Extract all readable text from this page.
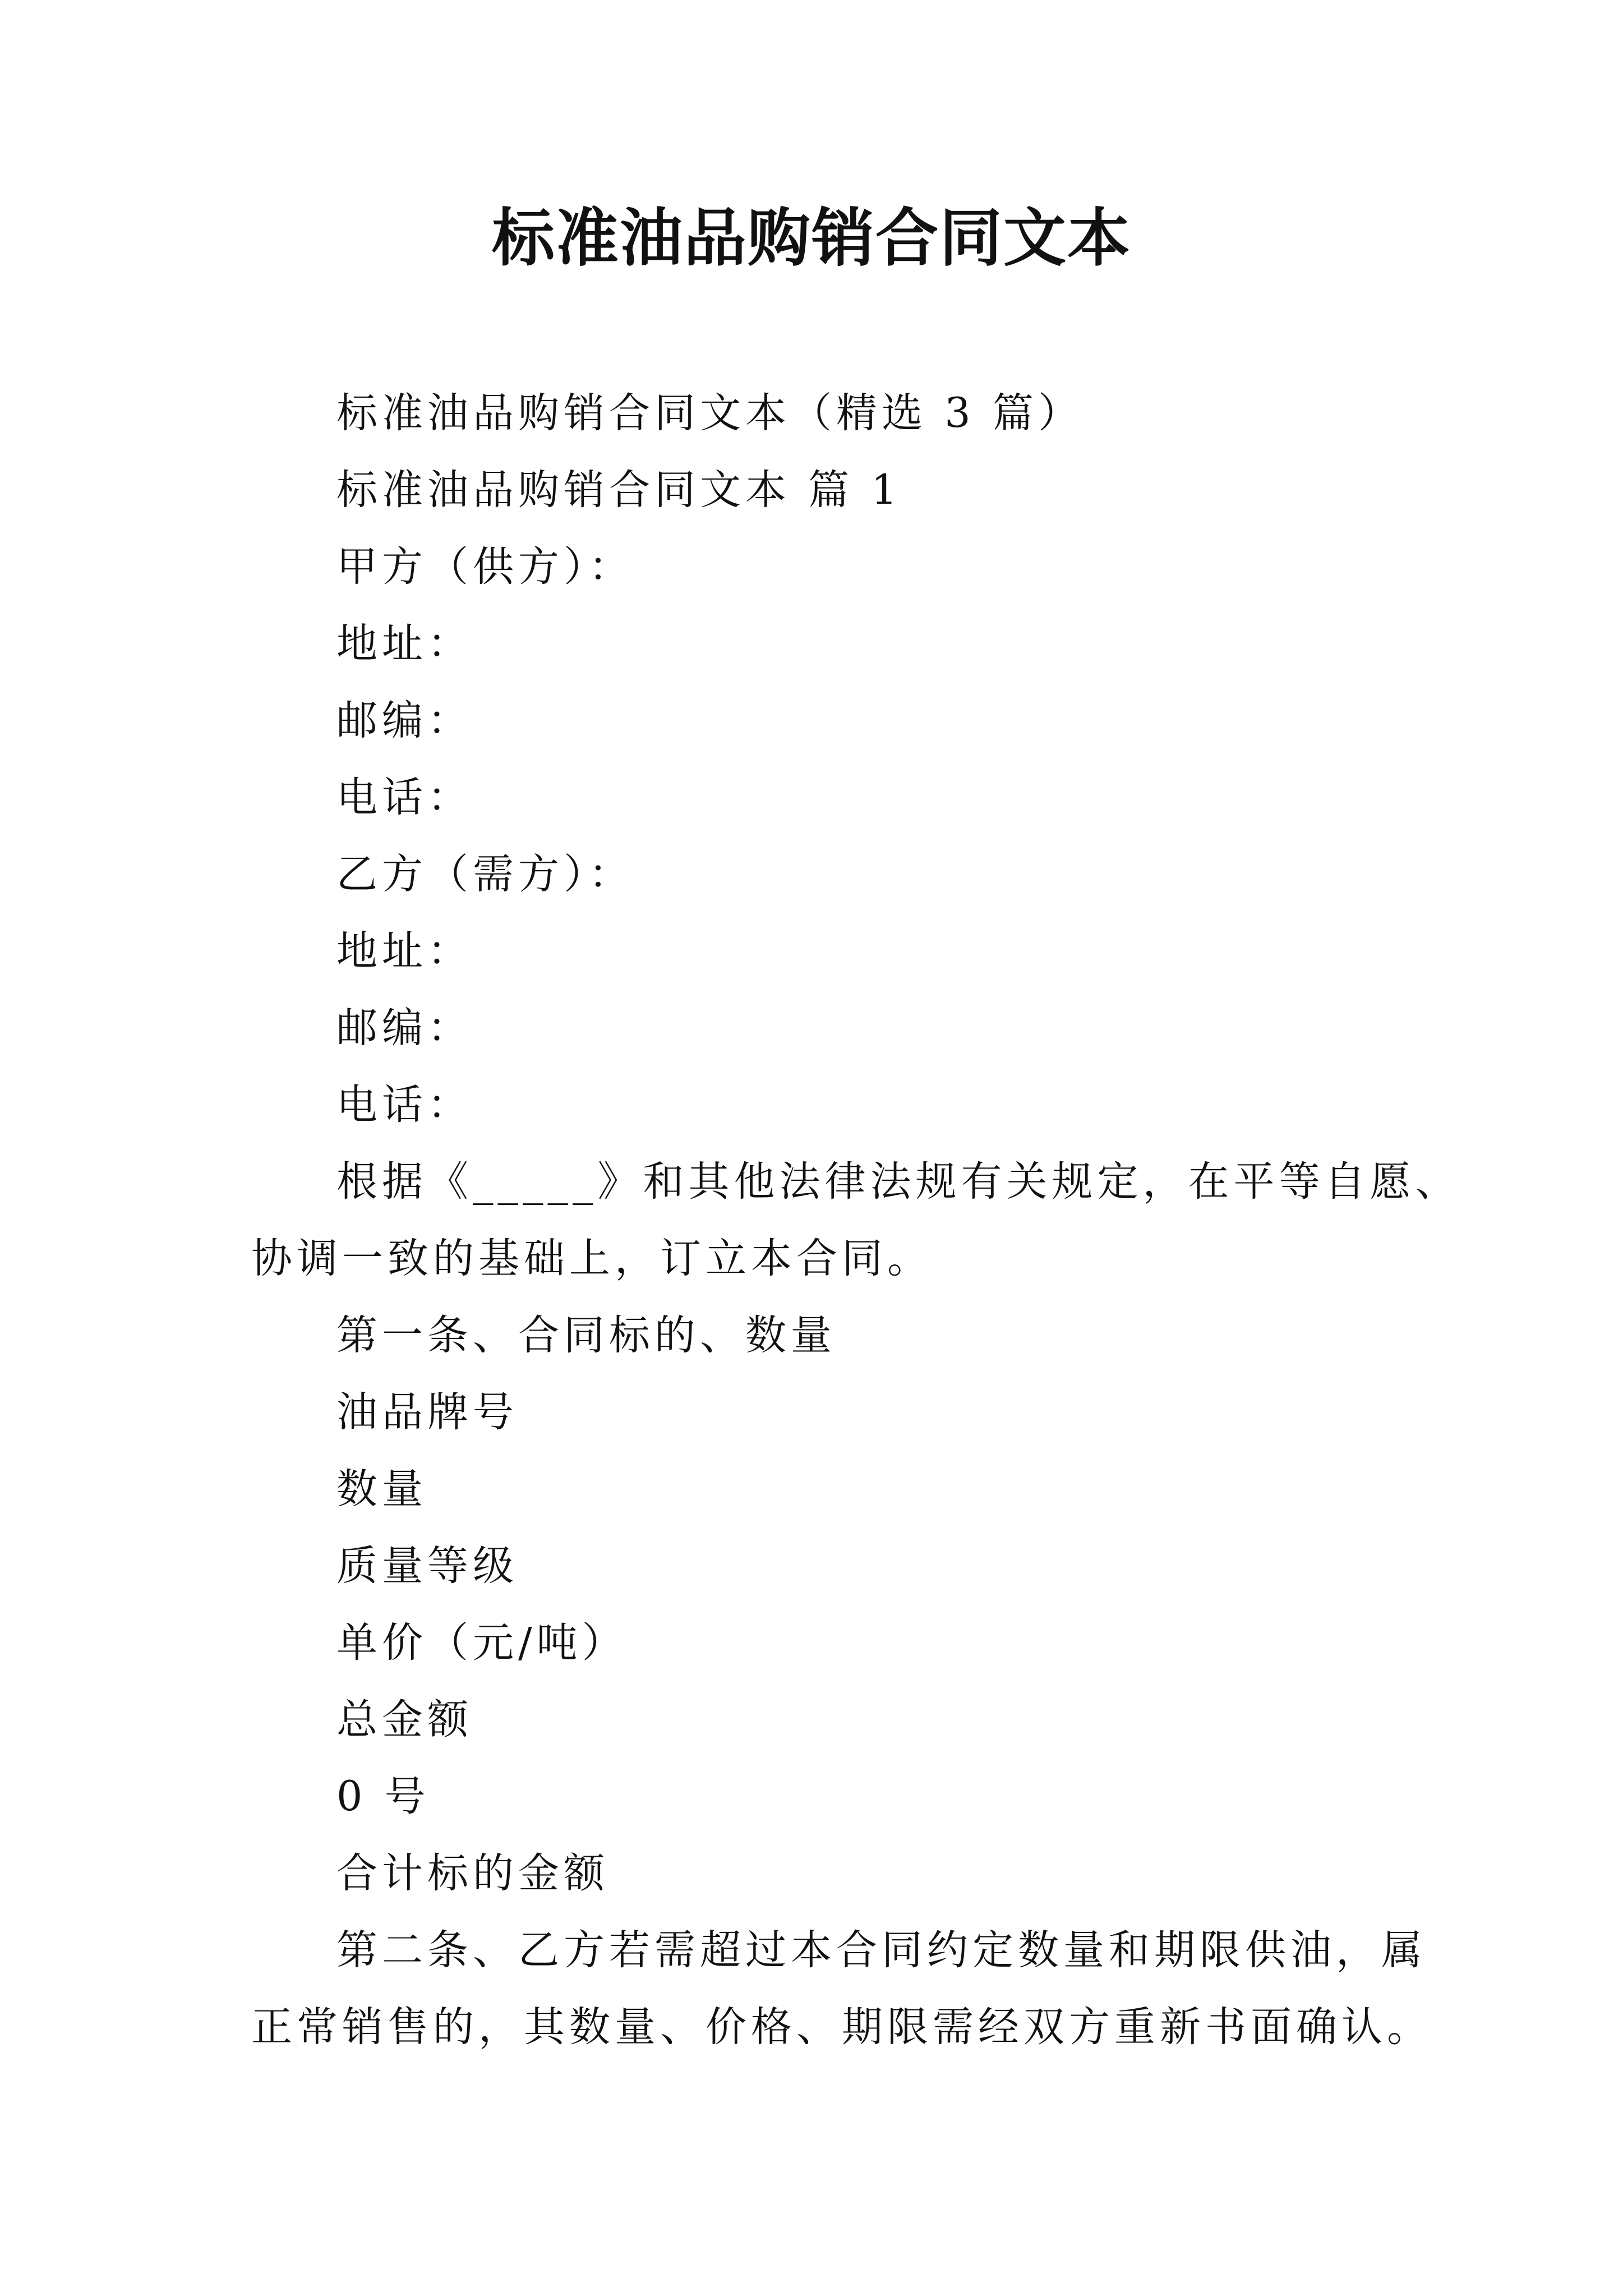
标准油品购销合同文本
标准油品购销合同文本（精选 3 篇）
标准油品购销合同文本 篇 1
甲方（供方）：
地址：
邮编：
电话：
乙方（需方）：
地址：
邮编：
电话：
根据《_____》和其他法律法规有关规定，在平等自愿、
协调一致的基础上，订立本合同。
第一条、合同标的、数量
油品牌号
数量
质量等级
单价（元/吨）
总金额
0 号
合计标的金额
第二条、乙方若需超过本合同约定数量和期限供油，属
正常销售的，其数量、价格、期限需经双方重新书面确认。
